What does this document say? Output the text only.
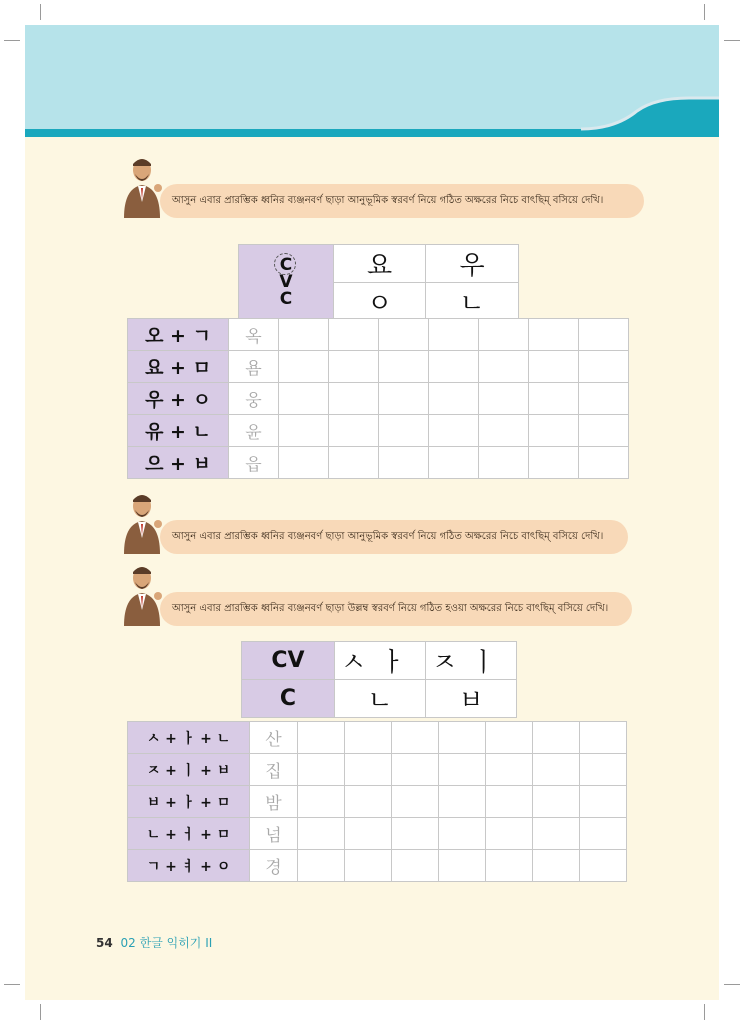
আসুন এবার প্রারম্ভিক ধ্বনির ব্যঞ্জনবর্ণ ছাড়া আনুভূমিক স্বরবর্ণ নিয়ে গঠিত অক্ষরের নিচে বাৎছিম্ বসিয়ে দেখি।
C

V
C	요	우
	ㅇ	ㄴ
오 + ㄱ	옥							
요 + ㅁ	욤							
우 + ㅇ	웅							
유 + ㄴ	윤							
으 + ㅂ	읍							
আসুন এবার প্রারম্ভিক ধ্বনির ব্যঞ্জনবর্ণ ছাড়া আনুভূমিক স্বরবর্ণ নিয়ে গঠিত অক্ষরের নিচে বাৎছিম্ বসিয়ে দেখি।
আসুন এবার প্রারম্ভিক ধ্বনির ব্যঞ্জনবর্ণ ছাড়া উল্লম্ব স্বরবর্ণ নিয়ে গঠিত হওয়া অক্ষরের নিচে বাৎছিম্ বসিয়ে দেখি।
CV	ㅅㅏ	ㅈㅣ
C	ㄴ	ㅂ
ㅅ + ㅏ + ㄴ	산							
ㅈ + ㅣ + ㅂ	집							
ㅂ + ㅏ + ㅁ	밤							
ㄴ + ㅓ + ㅁ	넘							
ㄱ + ㅕ + ㅇ	경							
54 02 한글 익히기 II
